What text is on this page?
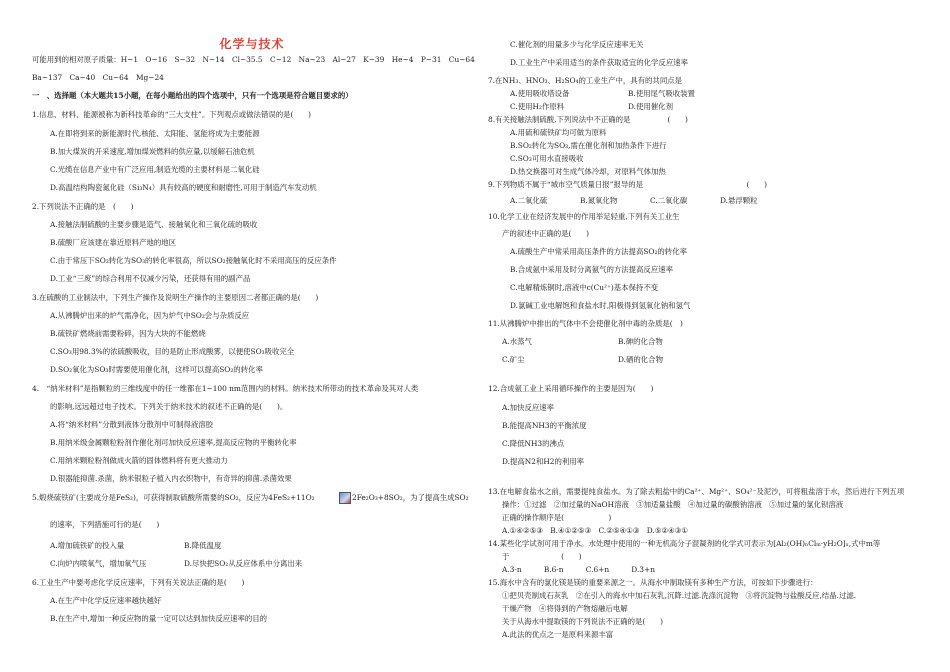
化学与技术
可能用到的相对原子质量：H~1　O~16　S~32　N~14　Cl~35.5　C~12　Na~23　Al~27　K~39　He~4　P~31　Cu~64
Ba~137　Ca~40　Cu~64　Mg~24
一　、选择题（本大题共15小题，在每小题给出的四个选项中，只有一个选项是符合题目要求的）
1.信息、材料、能源被称为新科技革命的“三大支柱”。下列观点或做法错误的是(　　)
A.在即将到来的新能源时代,核能、太阳能、氢能将成为主要能源
B.加大煤炭的开采速度,增加煤炭燃料的供应量,以缓解石油危机
C.光缆在信息产业中有广泛应用,制造光缆的主要材料是二氧化硅
D.高温结构陶瓷氮化硅（Si₃N₄）具有较高的硬度和耐磨性,可用于制造汽车发动机
2.下列说法不正确的是　(　　)
A.接触法制硫酸的主要步骤是造气、接触氧化和三氧化硫的吸收
B.硫酸厂应该建在靠近原料产地的地区
C.由于常压下SO₂转化为SO₃的转化率很高，所以SO₂接触氧化时不采用高压的反应条件
D.工业“三废”的综合利用不仅减少污染，还获得有用的副产品
3.在硫酸的工业制法中，下列生产操作及说明生产操作的主要原因二者都正确的是(　　)
A.从沸腾炉出来的炉气需净化，因为炉气中SO₂会与杂质反应
B.硫铁矿燃烧前需要粉碎，因为大块的不能燃烧
C.SO₃用98.3%的浓硫酸吸收，目的是防止形成酸雾，以便使SO₃吸收完全
D.SO₂氧化为SO₃时需要使用催化剂，这样可以提高SO₂的转化率
4.　“纳米材料”是指颗粒的三维线度中的任一维都在1~100 nm范围内的材料。纳米技术所带动的技术革命及其对人类
的影响,远远超过电子技术。下列关于纳米技术的叙述不正确的是(　　)。
A.将“纳米材料”分散到液体分散剂中可制得液溶胶
B.用纳米级金属颗粒粉剂作催化剂可加快反应速率,提高反应物的平衡转化率
C.用纳米颗粒粉剂做成火箭的固体燃料将有更大推动力
D.银器能抑菌.杀菌，纳米银粒子植入内衣织物中，有奇异的抑菌.杀菌效果
5.煅烧硫铁矿(主要成分是FeS₂)，可获得制取硫酸所需要的SO₂，反应为4FeS₂+11O₂	2Fe₂O₃+8SO₂，为了提高生成SO₂
的速率，下列措施可行的是(　　)
A.增加硫铁矿的投入量	B.降低温度
C.向炉内喷氧气，增加氧气压	D.尽快把SO₂从反应体系中分离出来
6.工业生产中要考虑化学反应速率，下列有关说法正确的是(　　)
A.在生产中化学反应速率越快越好
B.在生产中,增加一种反应物的量一定可以达到加快反应速率的目的
C.催化剂的用量多少与化学反应速率无关
D.工业生产中采用适当的条件获取适宜的化学反应速率
7.在NH₃、HNO₃、H₂SO₄的工业生产中，具有的共同点是
A.使用吸收塔设备	B.使用尾气吸收装置
C.使用H₂作原料	D.使用催化剂
8.有关接触法制硫酸,下列说法中不正确的是　　　　　(　　)
A.用硫和硫铁矿均可做为原料
B.SO₂转化为SO₃,需在催化剂和加热条件下进行
C.SO₃可用水直接吸收
D.热交换器可对生成气体冷却，对原料气体加热
9.下列物质不属于“城市空气质量日报”报导的是　　　　　　　　　　　　　　(　　)
A.二氧化硫	B.氮氧化物	C.二氧化碳	D.悬浮颗粒
10.化学工业在经济发展中的作用举足轻重,下列有关工业生
产的叙述中正确的是(　　)
A.硫酸生产中常采用高压条件的方法提高SO₂的转化率
B.合成氨中采用及时分离氨气的方法提高反应速率
C.电解精炼铜时,溶液中c(Cu²⁺)基本保持不变
D.氯碱工业电解饱和食盐水时,阳极得到氢氧化钠和氢气
11.从沸腾炉中排出的气体中不会使催化剂中毒的杂质是(　)
A.水蒸气	B.砷的化合物
C.矿尘	D.硒的化合物
12.合成氨工业上采用循环操作的主要是因为(　　)
A.加快反应速率
B.能提高NH3的平衡浓度
C.降低NH3的沸点
D.提高N2和H2的利用率
13.在电解食盐水之前，需要提纯食盐水。为了除去粗盐中的Ca²⁺、Mg²⁺、SO₄²⁻及泥沙，可将粗盐溶于水，然后进行下列五项
操作：①过滤　②加过量的NaOH溶液　③加适量盐酸　④加过量的碳酸钠溶液　⑤加过量的氯化钡溶液
正确的操作顺序是(　　　　　　)
A.①④②⑤③　B.④①②⑤③　C.②⑤④①③　D.⑤②④③①
14.某些化学试剂可用于净水。水处理中使用的一种无机高分子混凝剂的化学式可表示为[Al₂(OH)ₙClₘ·yH₂O]ₓ,式中m等
于　　　　　　　(　　)
A.3-n　　　B.6-n　　　C.6+n　　　D.3+n
15.海水中含有的氯化镁是镁的重要来源之一。从海水中制取镁有多种生产方法，可按如下步骤进行：
①把贝壳制成石灰乳　②在引入的海水中加石灰乳,沉降.过滤.洗涤沉淀物　③将沉淀物与盐酸反应,结晶.过滤.
干燥产物　④将得到的产物熔融后电解
关于从海水中提取镁的下列说法不正确的是(　　)
A.此法的优点之一是原料来源丰富
